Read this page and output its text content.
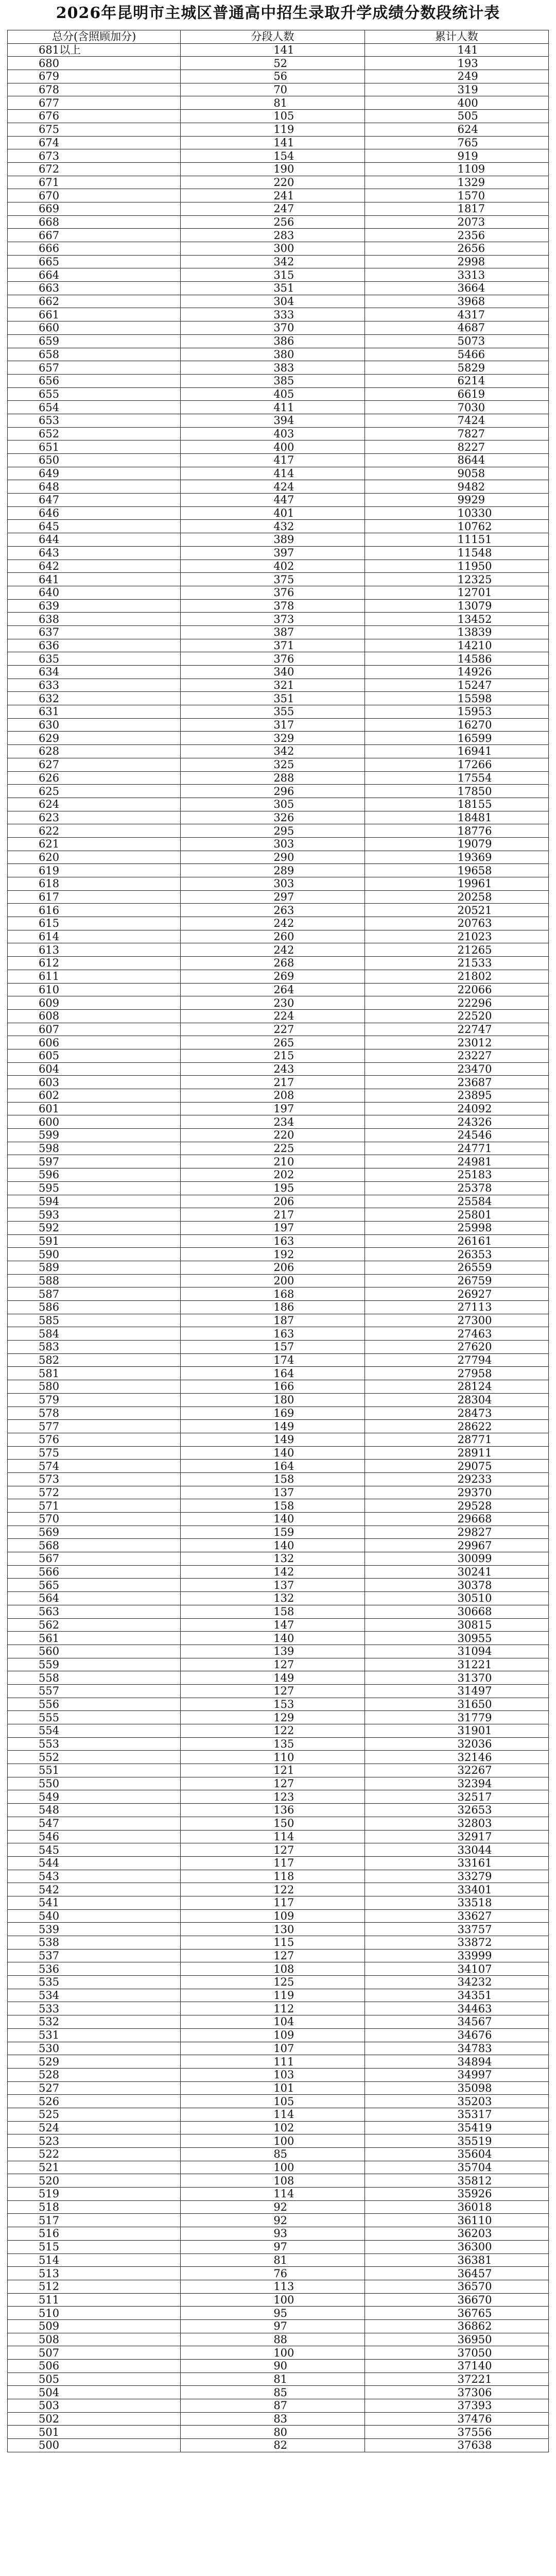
2026年昆明市主城区普通高中招生录取升学成绩分数段统计表
总分(含照顾加分)	分段人数	累计人数
681以上	141	141
680	52	193
679	56	249
678	70	319
677	81	400
676	105	505
675	119	624
674	141	765
673	154	919
672	190	1109
671	220	1329
670	241	1570
669	247	1817
668	256	2073
667	283	2356
666	300	2656
665	342	2998
664	315	3313
663	351	3664
662	304	3968
661	333	4317
660	370	4687
659	386	5073
658	380	5466
657	383	5829
656	385	6214
655	405	6619
654	411	7030
653	394	7424
652	403	7827
651	400	8227
650	417	8644
649	414	9058
648	424	9482
647	447	9929
646	401	10330
645	432	10762
644	389	11151
643	397	11548
642	402	11950
641	375	12325
640	376	12701
639	378	13079
638	373	13452
637	387	13839
636	371	14210
635	376	14586
634	340	14926
633	321	15247
632	351	15598
631	355	15953
630	317	16270
629	329	16599
628	342	16941
627	325	17266
626	288	17554
625	296	17850
624	305	18155
623	326	18481
622	295	18776
621	303	19079
620	290	19369
619	289	19658
618	303	19961
617	297	20258
616	263	20521
615	242	20763
614	260	21023
613	242	21265
612	268	21533
611	269	21802
610	264	22066
609	230	22296
608	224	22520
607	227	22747
606	265	23012
605	215	23227
604	243	23470
603	217	23687
602	208	23895
601	197	24092
600	234	24326
599	220	24546
598	225	24771
597	210	24981
596	202	25183
595	195	25378
594	206	25584
593	217	25801
592	197	25998
591	163	26161
590	192	26353
589	206	26559
588	200	26759
587	168	26927
586	186	27113
585	187	27300
584	163	27463
583	157	27620
582	174	27794
581	164	27958
580	166	28124
579	180	28304
578	169	28473
577	149	28622
576	149	28771
575	140	28911
574	164	29075
573	158	29233
572	137	29370
571	158	29528
570	140	29668
569	159	29827
568	140	29967
567	132	30099
566	142	30241
565	137	30378
564	132	30510
563	158	30668
562	147	30815
561	140	30955
560	139	31094
559	127	31221
558	149	31370
557	127	31497
556	153	31650
555	129	31779
554	122	31901
553	135	32036
552	110	32146
551	121	32267
550	127	32394
549	123	32517
548	136	32653
547	150	32803
546	114	32917
545	127	33044
544	117	33161
543	118	33279
542	122	33401
541	117	33518
540	109	33627
539	130	33757
538	115	33872
537	127	33999
536	108	34107
535	125	34232
534	119	34351
533	112	34463
532	104	34567
531	109	34676
530	107	34783
529	111	34894
528	103	34997
527	101	35098
526	105	35203
525	114	35317
524	102	35419
523	100	35519
522	85	35604
521	100	35704
520	108	35812
519	114	35926
518	92	36018
517	92	36110
516	93	36203
515	97	36300
514	81	36381
513	76	36457
512	113	36570
511	100	36670
510	95	36765
509	97	36862
508	88	36950
507	100	37050
506	90	37140
505	81	37221
504	85	37306
503	87	37393
502	83	37476
501	80	37556
500	82	37638
